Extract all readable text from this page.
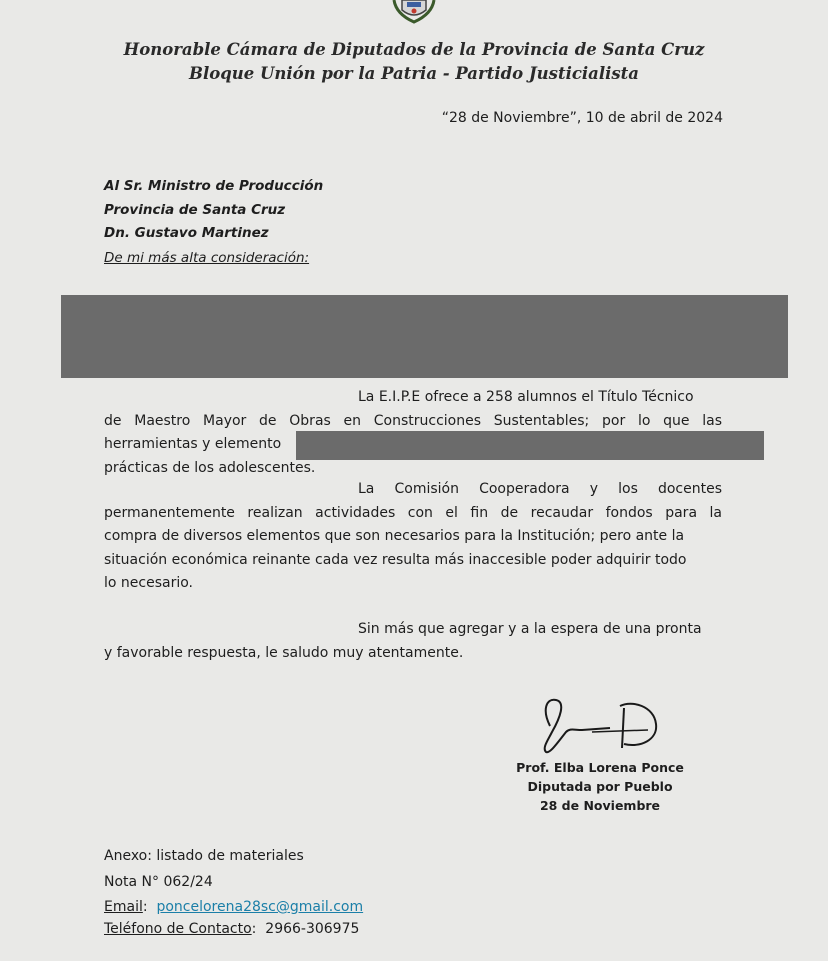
Honorable Cámara de Diputados de la Provincia de Santa Cruz
Bloque Unión por la Patria - Partido Justicialista
“28 de Noviembre”, 10 de abril de 2024
Al Sr. Ministro de Producción
Provincia de Santa Cruz
Dn. Gustavo Martinez
De mi más alta consideración:
La E.I.P.E ofrece a 258 alumnos el Título Técnico
de Maestro Mayor de Obras en Construcciones Sustentables; por lo que las
herramientas y elemento
prácticas de los adolescentes.
La Comisión Cooperadora y los docentes
permanentemente realizan actividades con el fin de recaudar fondos para la
compra de diversos elementos que son necesarios para la Institución; pero ante la
situación económica reinante cada vez resulta más inaccesible poder adquirir todo
lo necesario.
Sin más que agregar y a la espera de una pronta
y favorable respuesta, le saludo muy atentamente.
Prof. Elba Lorena Ponce
Diputada por Pueblo
28 de Noviembre
Anexo: listado de materiales
Nota N° 062/24
Email:  poncelorena28sc@gmail.com
Teléfono de Contacto:  2966-306975
